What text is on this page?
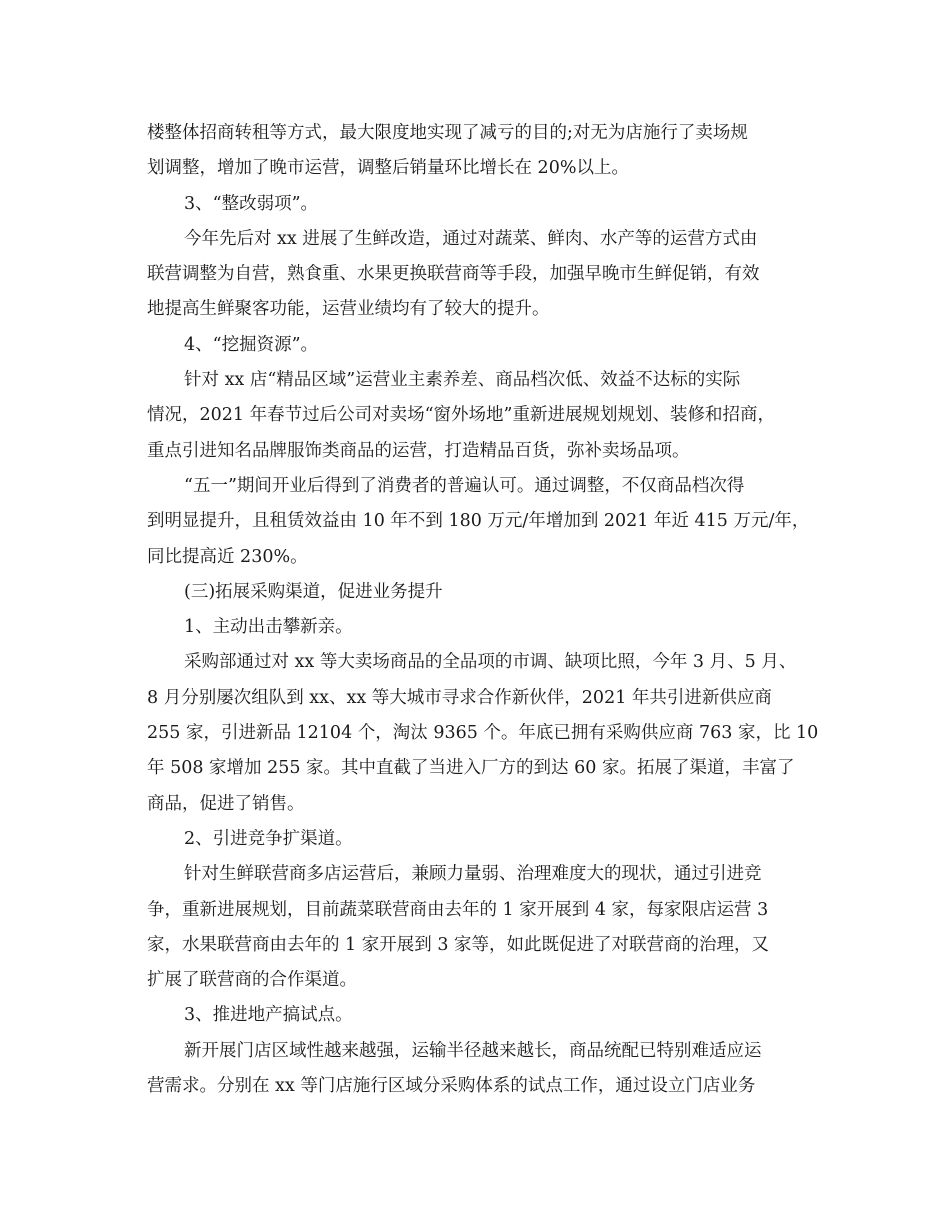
楼整体招商转租等方式，最大限度地实现了减亏的目的;对无为店施行了卖场规
划调整，增加了晚市运营，调整后销量环比增长在 20%以上。
3、“整改弱项”。
今年先后对 xx 进展了生鲜改造，通过对蔬菜、鲜肉、水产等的运营方式由
联营调整为自营，熟食重、水果更换联营商等手段，加强早晚市生鲜促销，有效
地提高生鲜聚客功能，运营业绩均有了较大的提升。
4、“挖掘资源”。
针对 xx 店“精品区域”运营业主素养差、商品档次低、效益不达标的实际
情况，2021 年春节过后公司对卖场“窗外场地”重新进展规划规划、装修和招商，
重点引进知名品牌服饰类商品的运营，打造精品百货，弥补卖场品项。
“五一”期间开业后得到了消费者的普遍认可。通过调整，不仅商品档次得
到明显提升，且租赁效益由 10 年不到 180 万元/年增加到 2021 年近 415 万元/年，
同比提高近 230%。
(三)拓展采购渠道，促进业务提升
1、主动出击攀新亲。
采购部通过对 xx 等大卖场商品的全品项的市调、缺项比照，今年 3 月、5 月、
8 月分别屡次组队到 xx、xx 等大城市寻求合作新伙伴，2021 年共引进新供应商
255 家，引进新品 12104 个，淘汰 9365 个。年底已拥有采购供应商 763 家，比 10
年 508 家增加 255 家。其中直截了当进入厂方的到达 60 家。拓展了渠道，丰富了
商品，促进了销售。
2、引进竞争扩渠道。
针对生鲜联营商多店运营后，兼顾力量弱、治理难度大的现状，通过引进竞
争，重新进展规划，目前蔬菜联营商由去年的 1 家开展到 4 家，每家限店运营 3
家，水果联营商由去年的 1 家开展到 3 家等，如此既促进了对联营商的治理，又
扩展了联营商的合作渠道。
3、推进地产搞试点。
新开展门店区域性越来越强，运输半径越来越长，商品统配已特别难适应运
营需求。分别在 xx 等门店施行区域分采购体系的试点工作，通过设立门店业务
